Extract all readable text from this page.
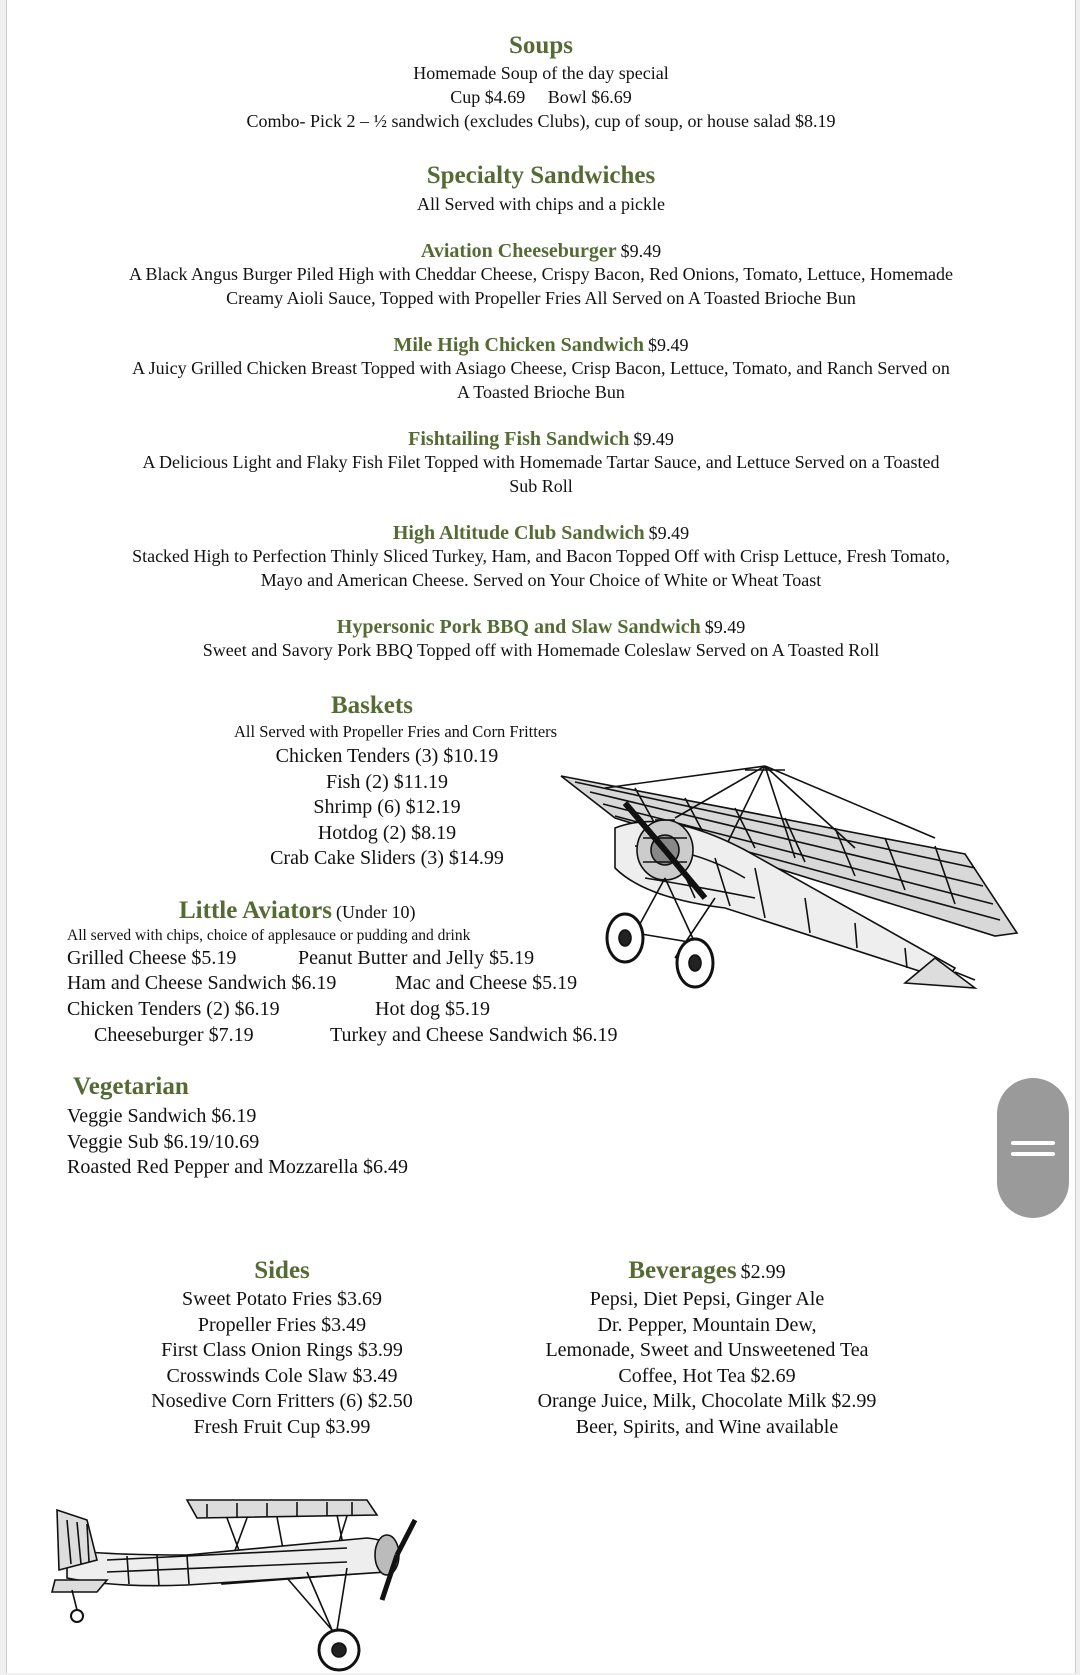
Soups
Homemade Soup of the day special
Cup $4.69 Bowl $6.69
Combo- Pick 2 – ½ sandwich (excludes Clubs), cup of soup, or house salad $8.19
Specialty Sandwiches
All Served with chips and a pickle
Aviation Cheeseburger $9.49
A Black Angus Burger Piled High with Cheddar Cheese, Crispy Bacon, Red Onions, Tomato, Lettuce, Homemade
Creamy Aioli Sauce, Topped with Propeller Fries All Served on A Toasted Brioche Bun
Mile High Chicken Sandwich $9.49
A Juicy Grilled Chicken Breast Topped with Asiago Cheese, Crisp Bacon, Lettuce, Tomato, and Ranch Served on
A Toasted Brioche Bun
Fishtailing Fish Sandwich $9.49
A Delicious Light and Flaky Fish Filet Topped with Homemade Tartar Sauce, and Lettuce Served on a Toasted
Sub Roll
High Altitude Club Sandwich $9.49
Stacked High to Perfection Thinly Sliced Turkey, Ham, and Bacon Topped Off with Crisp Lettuce, Fresh Tomato,
Mayo and American Cheese. Served on Your Choice of White or Wheat Toast
Hypersonic Pork BBQ and Slaw Sandwich $9.49
Sweet and Savory Pork BBQ Topped off with Homemade Coleslaw Served on A Toasted Roll
Baskets
All Served with Propeller Fries and Corn Fritters
Chicken Tenders (3) $10.19
Fish (2) $11.19
Shrimp (6) $12.19
Hotdog (2) $8.19
Crab Cake Sliders (3) $14.99
Little Aviators (Under 10)
All served with chips, choice of applesauce or pudding and drink
Grilled Cheese $5.19	Peanut Butter and Jelly $5.19
Ham and Cheese Sandwich $6.19	Mac and Cheese $5.19
Chicken Tenders (2) $6.19	Hot dog $5.19
Cheeseburger $7.19	Turkey and Cheese Sandwich $6.19
Vegetarian
Veggie Sandwich $6.19
Veggie Sub $6.19/10.69
Roasted Red Pepper and Mozzarella $6.49
Sides
Sweet Potato Fries $3.69
Propeller Fries $3.49
First Class Onion Rings $3.99
Crosswinds Cole Slaw $3.49
Nosedive Corn Fritters (6) $2.50
Fresh Fruit Cup $3.99
Beverages $2.99
Pepsi, Diet Pepsi, Ginger Ale
Dr. Pepper, Mountain Dew,
Lemonade, Sweet and Unsweetened Tea
Coffee, Hot Tea $2.69
Orange Juice, Milk, Chocolate Milk $2.99
Beer, Spirits, and Wine available
